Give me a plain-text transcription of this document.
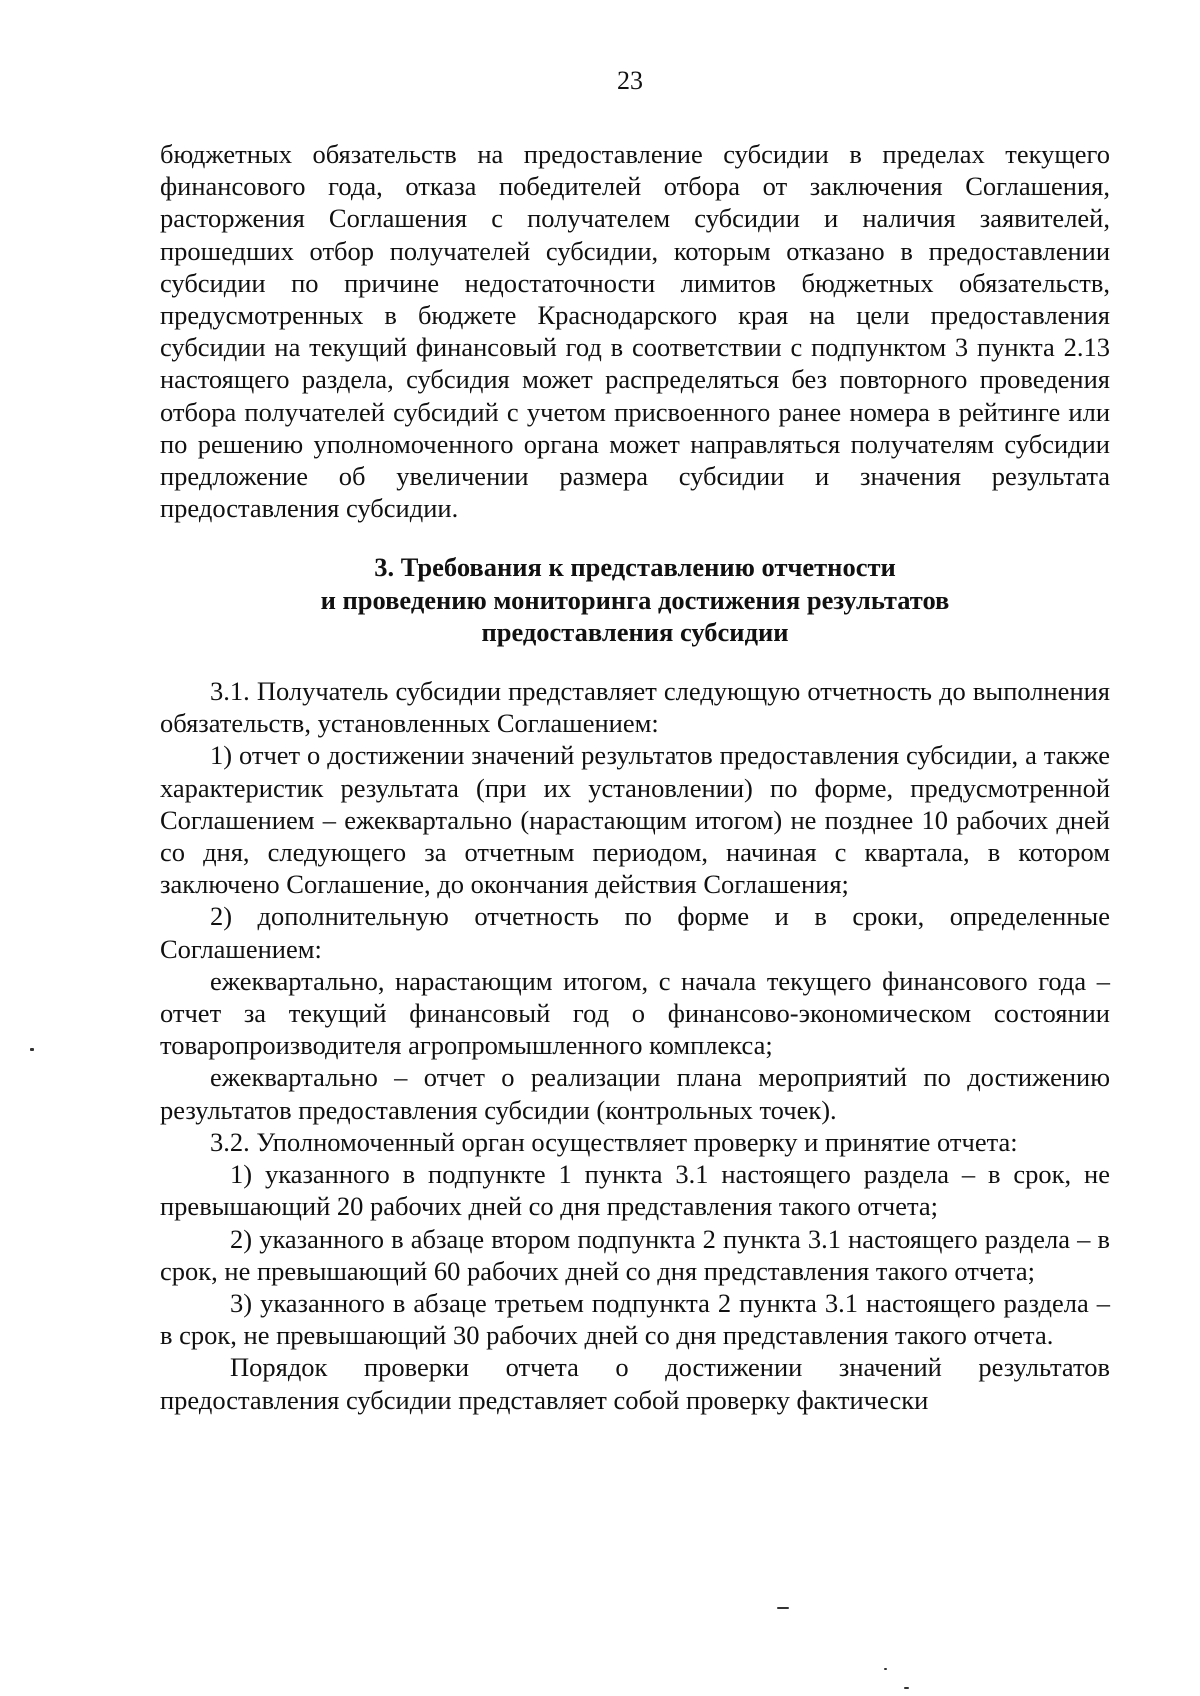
23

бюджетных обязательств на предоставление субсидии в пределах текущего финансового года, отказа победителей отбора от заключения Соглашения, расторжения Соглашения с получателем субсидии и наличия заявителей, прошедших отбор получателей субсидии, которым отказано в предоставлении субсидии по причине недостаточности лимитов бюджетных обязательств, предусмотренных в бюджете Краснодарского края на цели предоставления субсидии на текущий финансовый год в соответствии с подпунктом 3 пункта 2.13 настоящего раздела, субсидия может распределяться без повторного проведения отбора получателей субсидий с учетом присвоенного ранее номера в рейтинге или по решению уполномоченного органа может направляться получателям субсидии предложение об увеличении размера субсидии и значения результата предоставления субсидии.

3. Требования к представлению отчетности
и проведению мониторинга достижения результатов
предоставления субсидии

3.1. Получатель субсидии представляет следующую отчетность до выполнения обязательств, установленных Соглашением:

1) отчет о достижении значений результатов предоставления субсидии, а также характеристик результата (при их установлении) по форме, предусмотренной Соглашением – ежеквартально (нарастающим итогом) не позднее 10 рабочих дней со дня, следующего за отчетным периодом, начиная с квартала, в котором заключено Соглашение, до окончания действия Соглашения;

2) дополнительную отчетность по форме и в сроки, определенные Соглашением:

ежеквартально, нарастающим итогом, с начала текущего финансового года – отчет за текущий финансовый год о финансово-экономическом состоянии товаропроизводителя агропромышленного комплекса;

ежеквартально – отчет о реализации плана мероприятий по достижению результатов предоставления субсидии (контрольных точек).

3.2. Уполномоченный орган осуществляет проверку и принятие отчета:

1) указанного в подпункте 1 пункта 3.1 настоящего раздела – в срок, не превышающий 20 рабочих дней со дня представления такого отчета;

2) указанного в абзаце втором подпункта 2 пункта 3.1 настоящего раздела – в срок, не превышающий 60 рабочих дней со дня представления такого отчета;

3) указанного в абзаце третьем подпункта 2 пункта 3.1 настоящего раздела – в срок, не превышающий 30 рабочих дней со дня представления такого отчета.

Порядок проверки отчета о достижении значений результатов предоставления субсидии представляет собой проверку фактически
